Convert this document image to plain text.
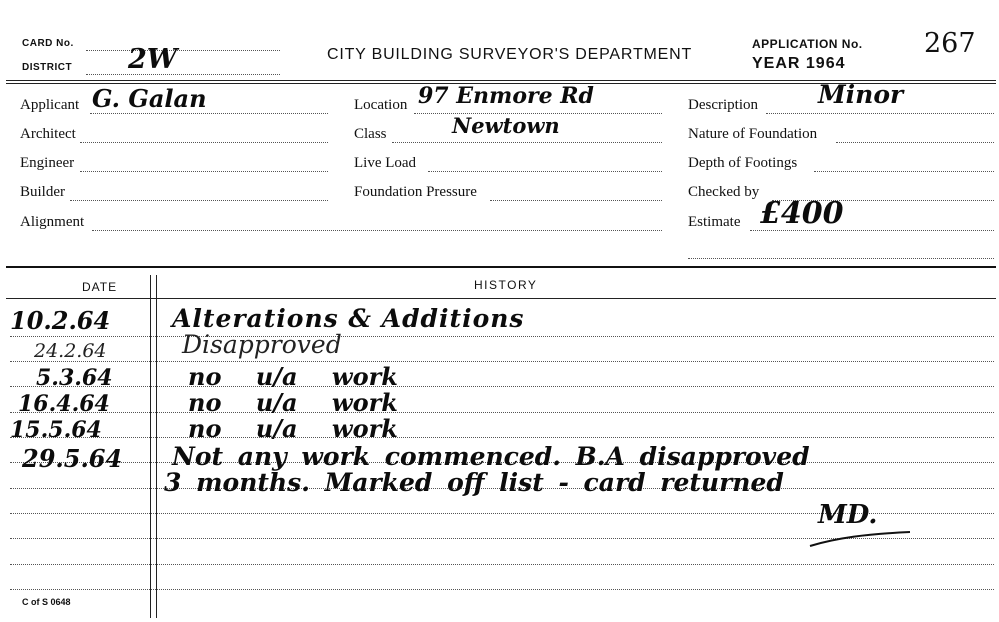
CARD No.
DISTRICT 2W	CITY BUILDING SURVEYOR'S DEPARTMENT
APPLICATION No. 267
YEAR 1964
Applicant G. Galan
Architect
Engineer
Builder
Alignment
Location 97 Enmore Rd
Class	Newtown
Live Load
Foundation Pressure
Description Minor
Nature of Foundation
Depth of Footings
Checked by
Estimate £400
DATE	HISTORY
10.2.64 Alterations & Additions
24.2.64	Disapproved
5.3.64	no u/a work
16.4.64	no u/a work
15.5.64	no u/a work
29.5.64 Not any work commenced. B.A disapproved
3 months. Marked off list - card returned
MD.
C of S 0648
